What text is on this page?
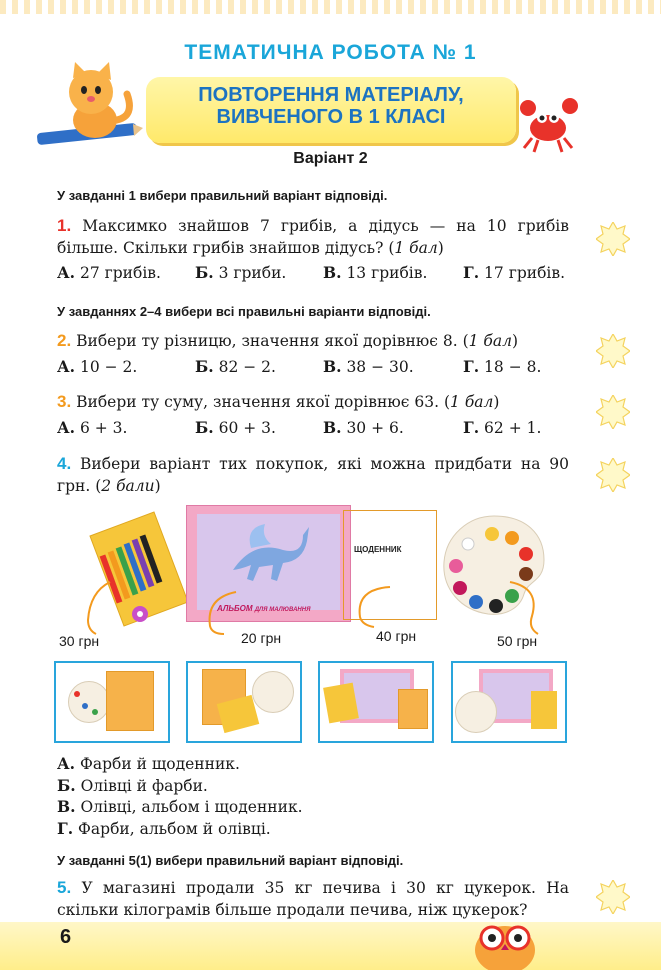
ТЕМАТИЧНА РОБОТА № 1
ПОВТОРЕННЯ МАТЕРІАЛУ,
ВИВЧЕНОГО В 1 КЛАСІ
Варіант 2
У завданні 1 вибери правильний варіант відповіді.
1. Максимко знайшов 7 грибів, а дідусь — на 10 грибів більше. Скільки грибів знайшов дідусь? (1 бал)
А. 27 грибів. Б. 3 гриби. В. 13 грибів. Г. 17 грибів.
У завданнях 2–4 вибери всі правильні варіанти відповіді.
2. Вибери ту різницю, значення якої дорівнює 8. (1 бал)
А. 10 − 2.	Б. 82 − 2.	В. 38 − 30.	Г. 18 − 8.
3. Вибери ту суму, значення якої дорівнює 63. (1 бал)
А. 6 + 3.	Б. 60 + 3.	В. 30 + 6.	Г. 62 + 1.
4. Вибери варіант тих покупок, які можна придбати на 90 грн. (2 бали)
30 грн
АЛЬБОМ ДЛЯ МАЛЮВАННЯ
20 грн
ЩОДЕННИК
40 грн	50 грн
А. Фарби й щоденник.
Б. Олівці й фарби.
В. Олівці, альбом і щоденник.
Г. Фарби, альбом й олівці.
У завданні 5(1) вибери правильний варіант відповіді.
5. У магазині продали 35 кг печива і 30 кг цукерок. На скільки кілограмів більше продали печива, ніж цукерок?
6
